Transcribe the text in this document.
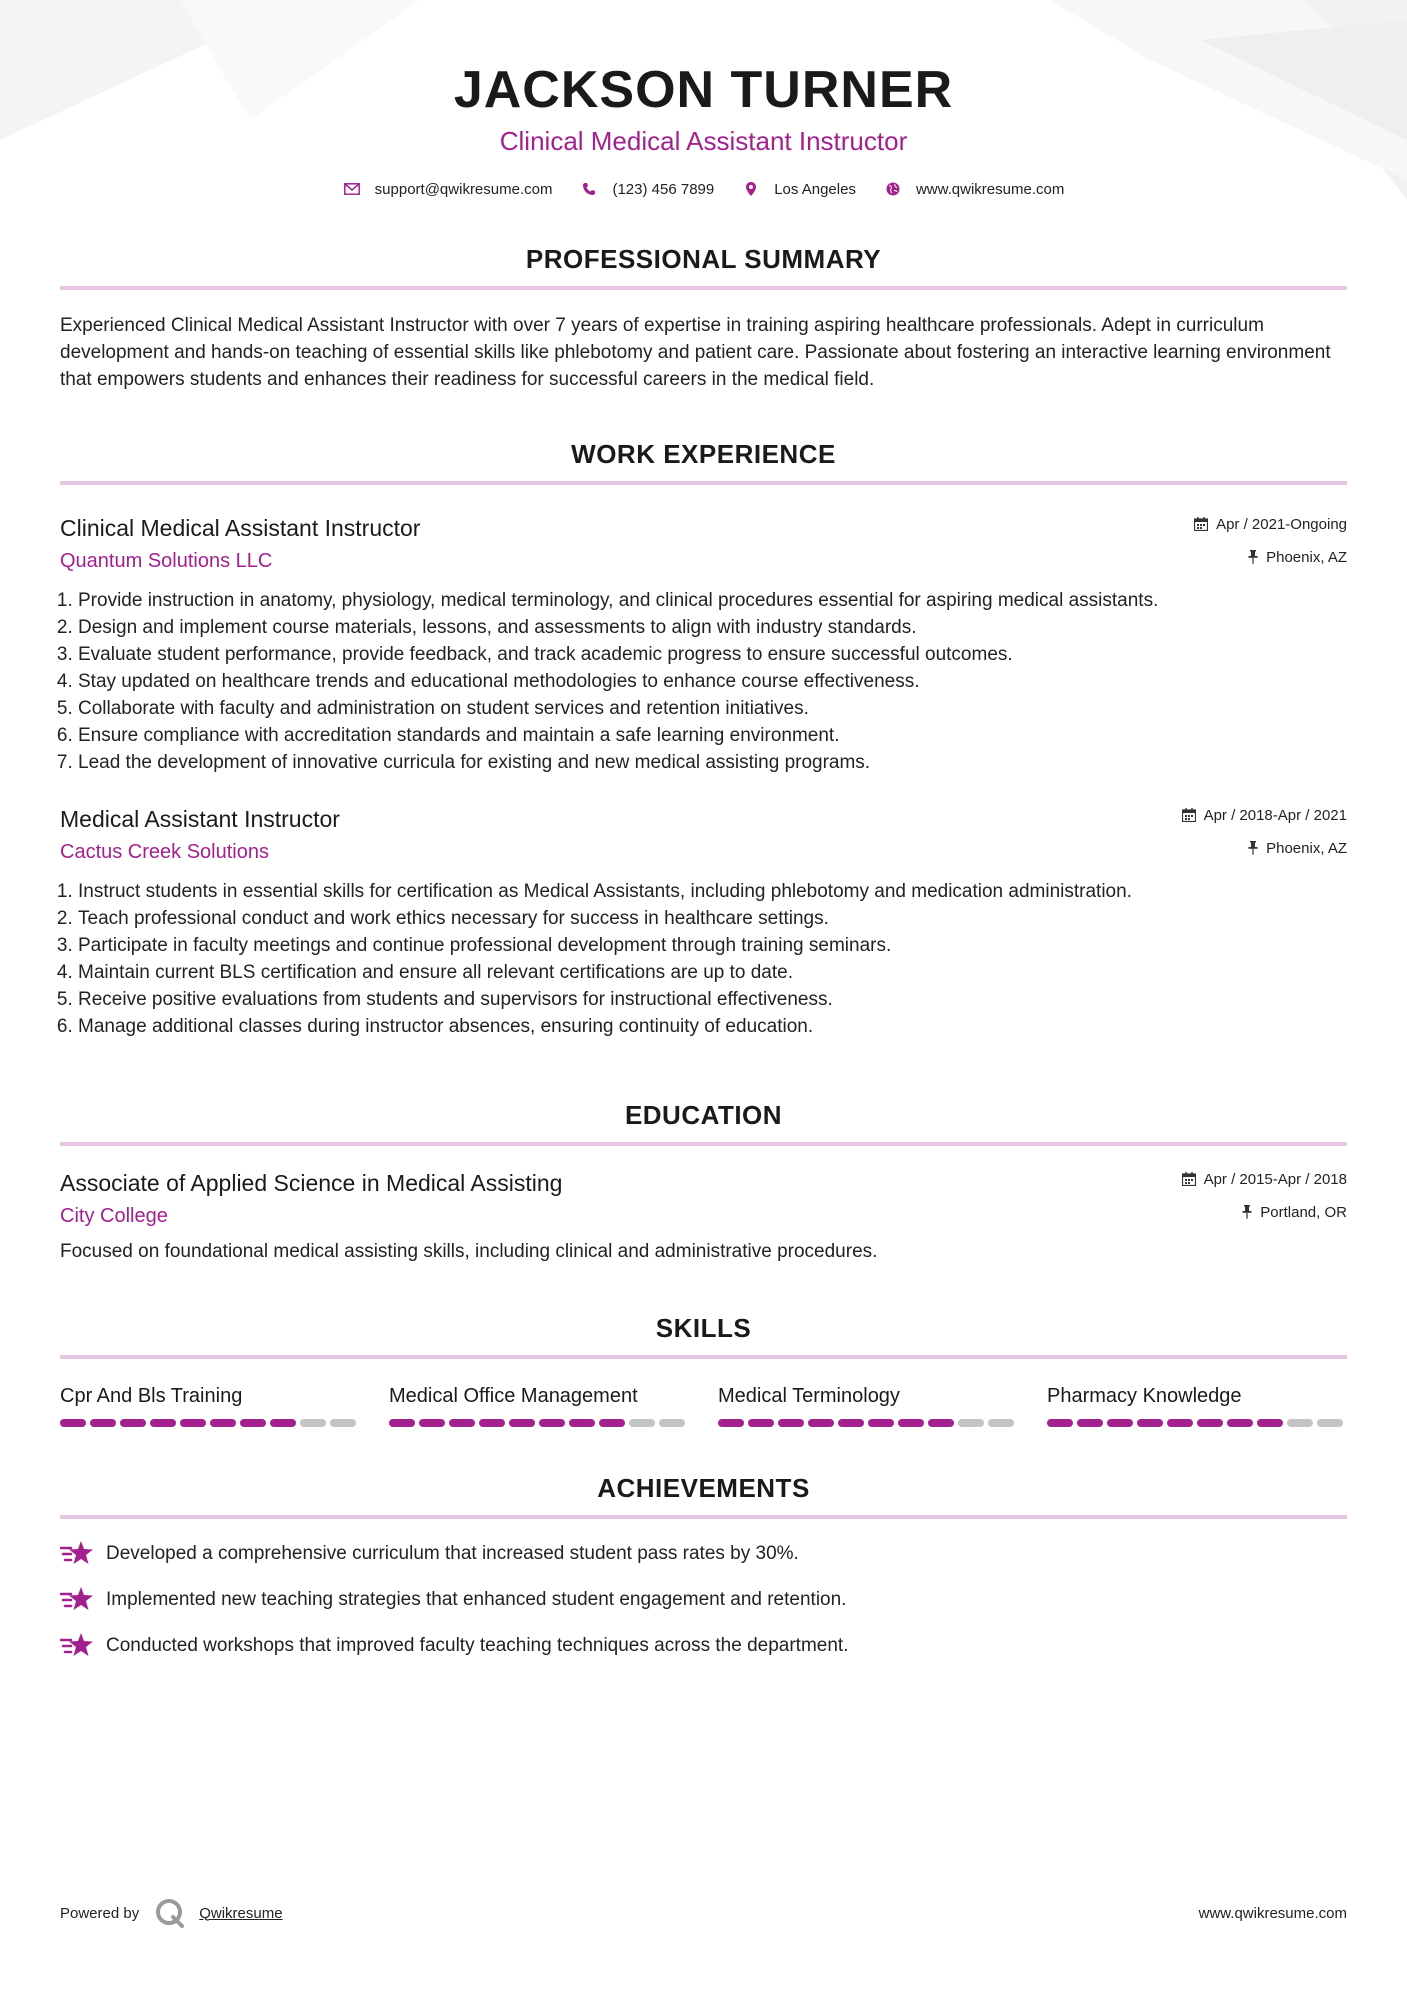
JACKSON TURNER
Clinical Medical Assistant Instructor
support@qwikresume.com	(123) 456 7899	Los Angeles	www.qwikresume.com
PROFESSIONAL SUMMARY
Experienced Clinical Medical Assistant Instructor with over 7 years of expertise in training aspiring healthcare professionals. Adept in curriculum development and hands-on teaching of essential skills like phlebotomy and patient care. Passionate about fostering an interactive learning environment that empowers students and enhances their readiness for successful careers in the medical field.
WORK EXPERIENCE
Clinical Medical Assistant Instructor
Quantum Solutions LLC
Apr / 2021-Ongoing
Phoenix, AZ
1. Provide instruction in anatomy, physiology, medical terminology, and clinical procedures essential for aspiring medical assistants.
2. Design and implement course materials, lessons, and assessments to align with industry standards.
3. Evaluate student performance, provide feedback, and track academic progress to ensure successful outcomes.
4. Stay updated on healthcare trends and educational methodologies to enhance course effectiveness.
5. Collaborate with faculty and administration on student services and retention initiatives.
6. Ensure compliance with accreditation standards and maintain a safe learning environment.
7. Lead the development of innovative curricula for existing and new medical assisting programs.
Medical Assistant Instructor
Cactus Creek Solutions
Apr / 2018-Apr / 2021
Phoenix, AZ
1. Instruct students in essential skills for certification as Medical Assistants, including phlebotomy and medication administration.
2. Teach professional conduct and work ethics necessary for success in healthcare settings.
3. Participate in faculty meetings and continue professional development through training seminars.
4. Maintain current BLS certification and ensure all relevant certifications are up to date.
5. Receive positive evaluations from students and supervisors for instructional effectiveness.
6. Manage additional classes during instructor absences, ensuring continuity of education.
EDUCATION
Associate of Applied Science in Medical Assisting
City College
Apr / 2015-Apr / 2018
Portland, OR
Focused on foundational medical assisting skills, including clinical and administrative procedures.
SKILLS
Cpr And Bls Training	Medical Office Management	Medical Terminology	Pharmacy Knowledge
ACHIEVEMENTS
Developed a comprehensive curriculum that increased student pass rates by 30%.
Implemented new teaching strategies that enhanced student engagement and retention.
Conducted workshops that improved faculty teaching techniques across the department.
Powered by	Qwikresume	www.qwikresume.com
